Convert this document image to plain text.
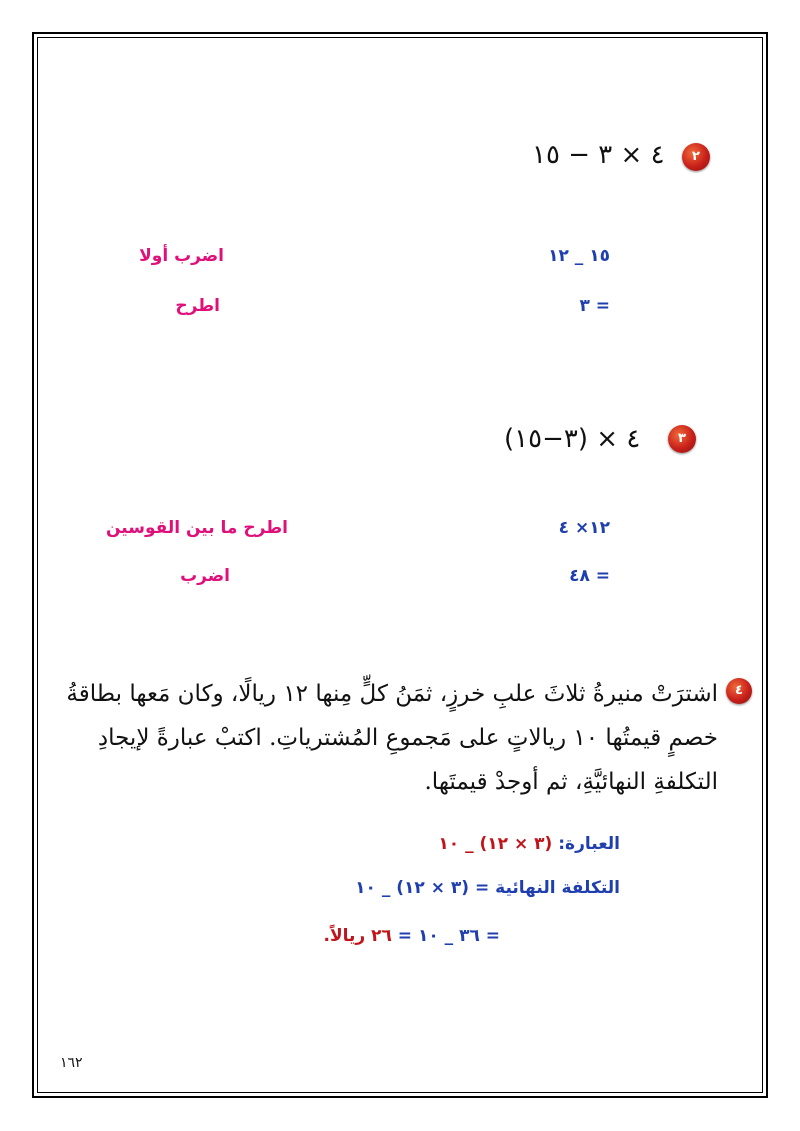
٢
٤ × ٣ − ١٥
١٥ _ ١٢
اضرب أولا
= ٣
اطرح
٣
٤ × (٣−١٥)
١٢× ٤
اطرح ما بين القوسين
= ٤٨
اضرب
٤
اشترَتْ منيرةُ ثلاثَ علبِ خرزٍ، ثمَنُ كلٍّ مِنها ١٢ ريالًا، وكان مَعها بطاقةُ خصمٍ قيمتُها ١٠ ريالاتٍ على مَجموعِ المُشترياتِ. اكتبْ عبارةً لإيجادِ التكلفةِ النهائيَّةِ، ثم أوجدْ قيمتَها.
العبارة: (٣ × ١٢) _ ١٠
التكلفة النهائية = (٣ × ١٢) _ ١٠
= ٣٦ _ ١٠ = ٢٦ ريالاً.
١٦٢
